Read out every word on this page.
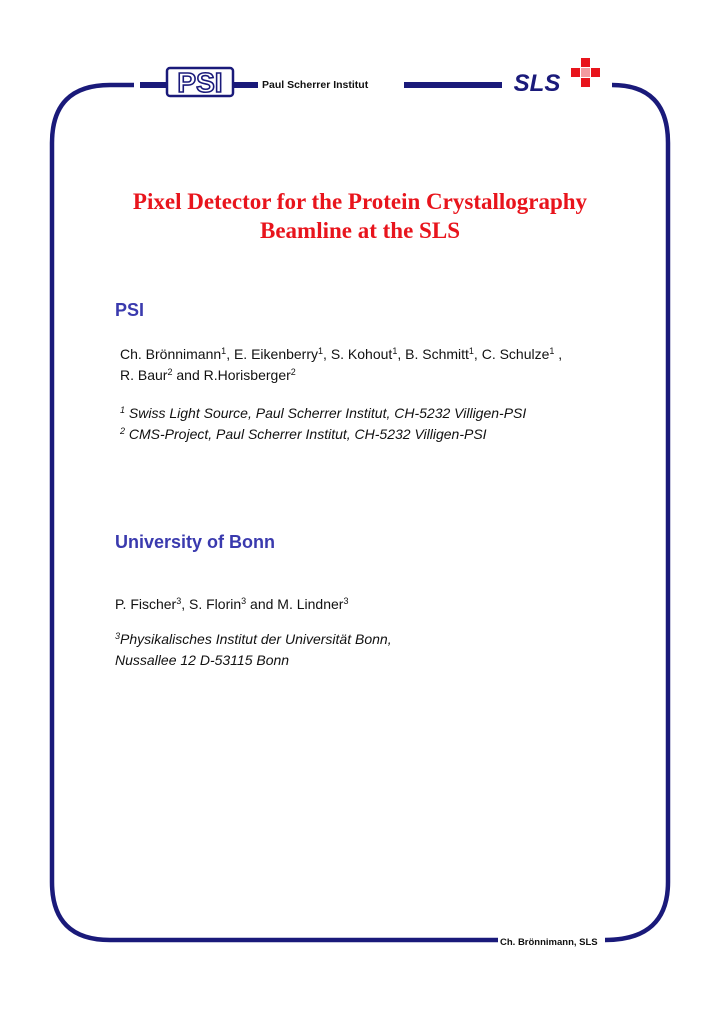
PSI	SLS
Paul Scherrer Institut
Pixel Detector for the Protein Crystallography
Beamline at the SLS
PSI
Ch. Brönnimann$^1$, E. Eikenberry$^1$, S. Kohout$^1$, B. Schmitt$^1$, C. Schulze$^1$ ,
R. Baur$^2$ and R.Horisberger$^2$
$^1$ Swiss Light Source, Paul Scherrer Institut, CH-5232 Villigen-PSI
$^2$ CMS-Project, Paul Scherrer Institut, CH-5232 Villigen-PSI
University of Bonn
P. Fischer$^3$, S. Florin$^3$ and M. Lindner$^3$
$^3$Physikalisches Institut der Universität Bonn,
Nussallee 12 D-53115 Bonn
Ch. Brönnimann, SLS
